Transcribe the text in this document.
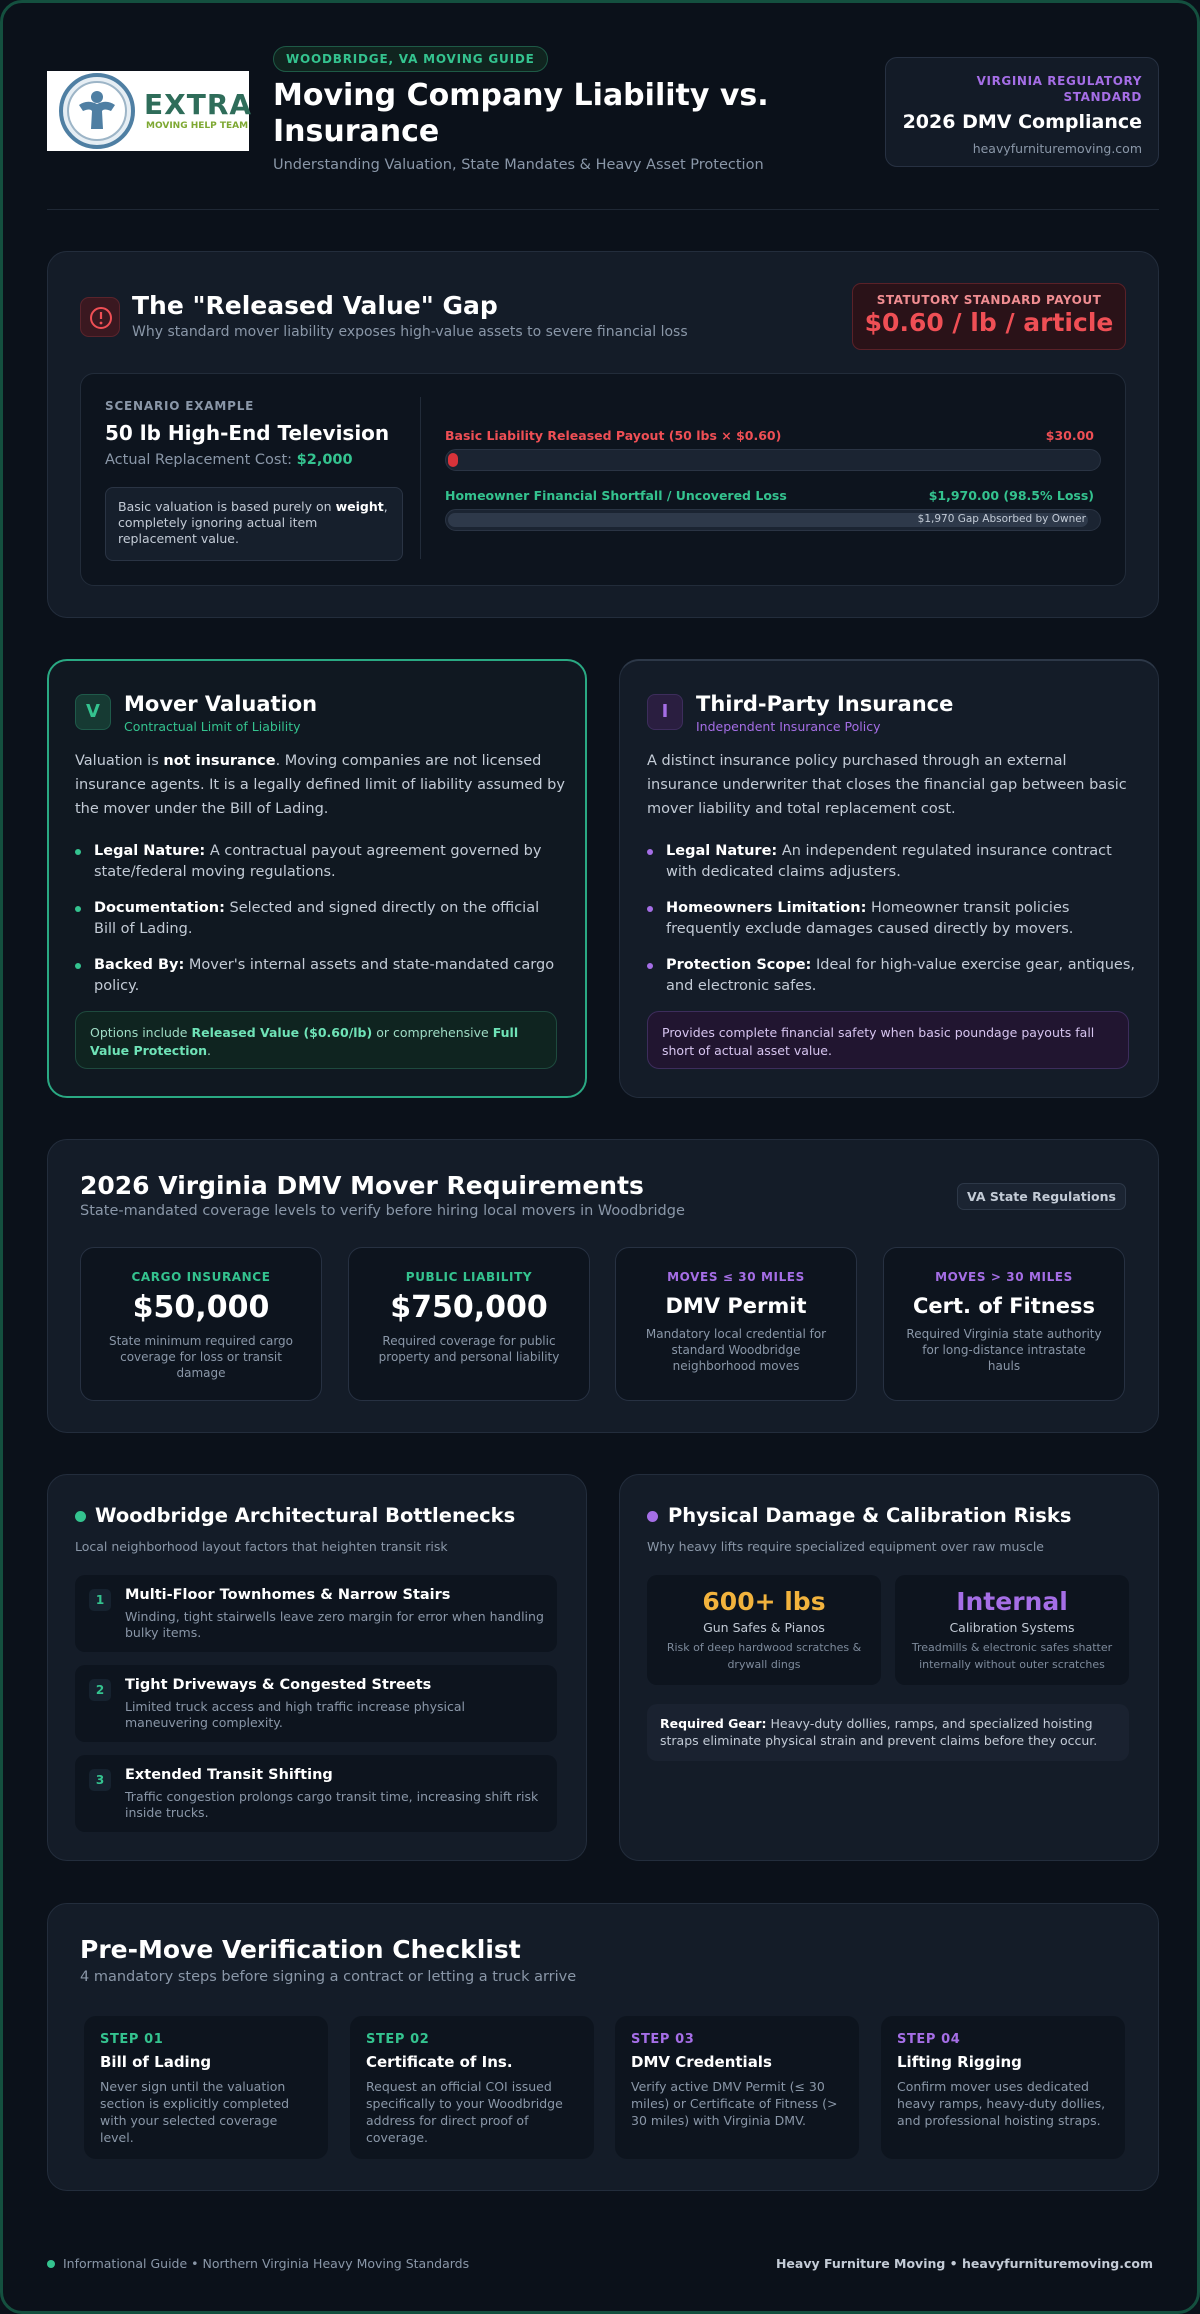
EXTRA
MOVING HELP TEAM
WOODBRIDGE, VA MOVING GUIDE
Moving Company Liability vs.
Insurance
Understanding Valuation, State Mandates & Heavy Asset Protection
VIRGINIA REGULATORY
STANDARD
2026 DMV Compliance
heavyfurnituremoving.com
The "Released Value" Gap
Why standard mover liability exposes high-value assets to severe financial loss
STATUTORY STANDARD PAYOUT
$0.60 / lb / article
SCENARIO EXAMPLE
50 lb High-End Television
Actual Replacement Cost: $2,000
Basic valuation is based purely on weight, completely ignoring actual item replacement value.
Basic Liability Released Payout (50 lbs × $0.60)	$30.00
Homeowner Financial Shortfall / Uncovered Loss	$1,970.00 (98.5% Loss)
$1,970 Gap Absorbed by Owner
V	Mover Valuation
Contractual Limit of Liability
Valuation is not insurance. Moving companies are not licensed insurance agents. It is a legally defined limit of liability assumed by the mover under the Bill of Lading.
Legal Nature: A contractual payout agreement governed by state/federal moving regulations.
Documentation: Selected and signed directly on the official Bill of Lading.
Backed By: Mover's internal assets and state-mandated cargo policy.
Options include Released Value ($0.60/lb) or comprehensive Full Value Protection.
I	Third-Party Insurance
Independent Insurance Policy
A distinct insurance policy purchased through an external insurance underwriter that closes the financial gap between basic mover liability and total replacement cost.
Legal Nature: An independent regulated insurance contract with dedicated claims adjusters.
Homeowners Limitation: Homeowner transit policies frequently exclude damages caused directly by movers.
Protection Scope: Ideal for high-value exercise gear, antiques, and electronic safes.
Provides complete financial safety when basic poundage payouts fall short of actual asset value.
2026 Virginia DMV Mover Requirements
State-mandated coverage levels to verify before hiring local movers in Woodbridge
VA State Regulations
CARGO INSURANCE
$50,000
State minimum required cargo coverage for loss or transit damage
PUBLIC LIABILITY
$750,000
Required coverage for public property and personal liability
MOVES ≤ 30 MILES
DMV Permit
Mandatory local credential for standard Woodbridge neighborhood moves
MOVES > 30 MILES
Cert. of Fitness
Required Virginia state authority for long-distance intrastate hauls
Woodbridge Architectural Bottlenecks
Local neighborhood layout factors that heighten transit risk
1	Multi-Floor Townhomes & Narrow Stairs
Winding, tight stairwells leave zero margin for error when handling bulky items.
2	Tight Driveways & Congested Streets
Limited truck access and high traffic increase physical maneuvering complexity.
3	Extended Transit Shifting
Traffic congestion prolongs cargo transit time, increasing shift risk inside trucks.
Physical Damage & Calibration Risks
Why heavy lifts require specialized equipment over raw muscle
600+ lbs
Gun Safes & Pianos
Risk of deep hardwood scratches & drywall dings
Internal
Calibration Systems
Treadmills & electronic safes shatter internally without outer scratches
Required Gear: Heavy-duty dollies, ramps, and specialized hoisting straps eliminate physical strain and prevent claims before they occur.
Pre-Move Verification Checklist
4 mandatory steps before signing a contract or letting a truck arrive
STEP 01
Bill of Lading
Never sign until the valuation section is explicitly completed with your selected coverage level.
STEP 02
Certificate of Ins.
Request an official COI issued specifically to your Woodbridge address for direct proof of coverage.
STEP 03
DMV Credentials
Verify active DMV Permit (≤ 30 miles) or Certificate of Fitness (> 30 miles) with Virginia DMV.
STEP 04
Lifting Rigging
Confirm mover uses dedicated heavy ramps, heavy-duty dollies, and professional hoisting straps.
Informational Guide • Northern Virginia Heavy Moving Standards	Heavy Furniture Moving • heavyfurnituremoving.com
